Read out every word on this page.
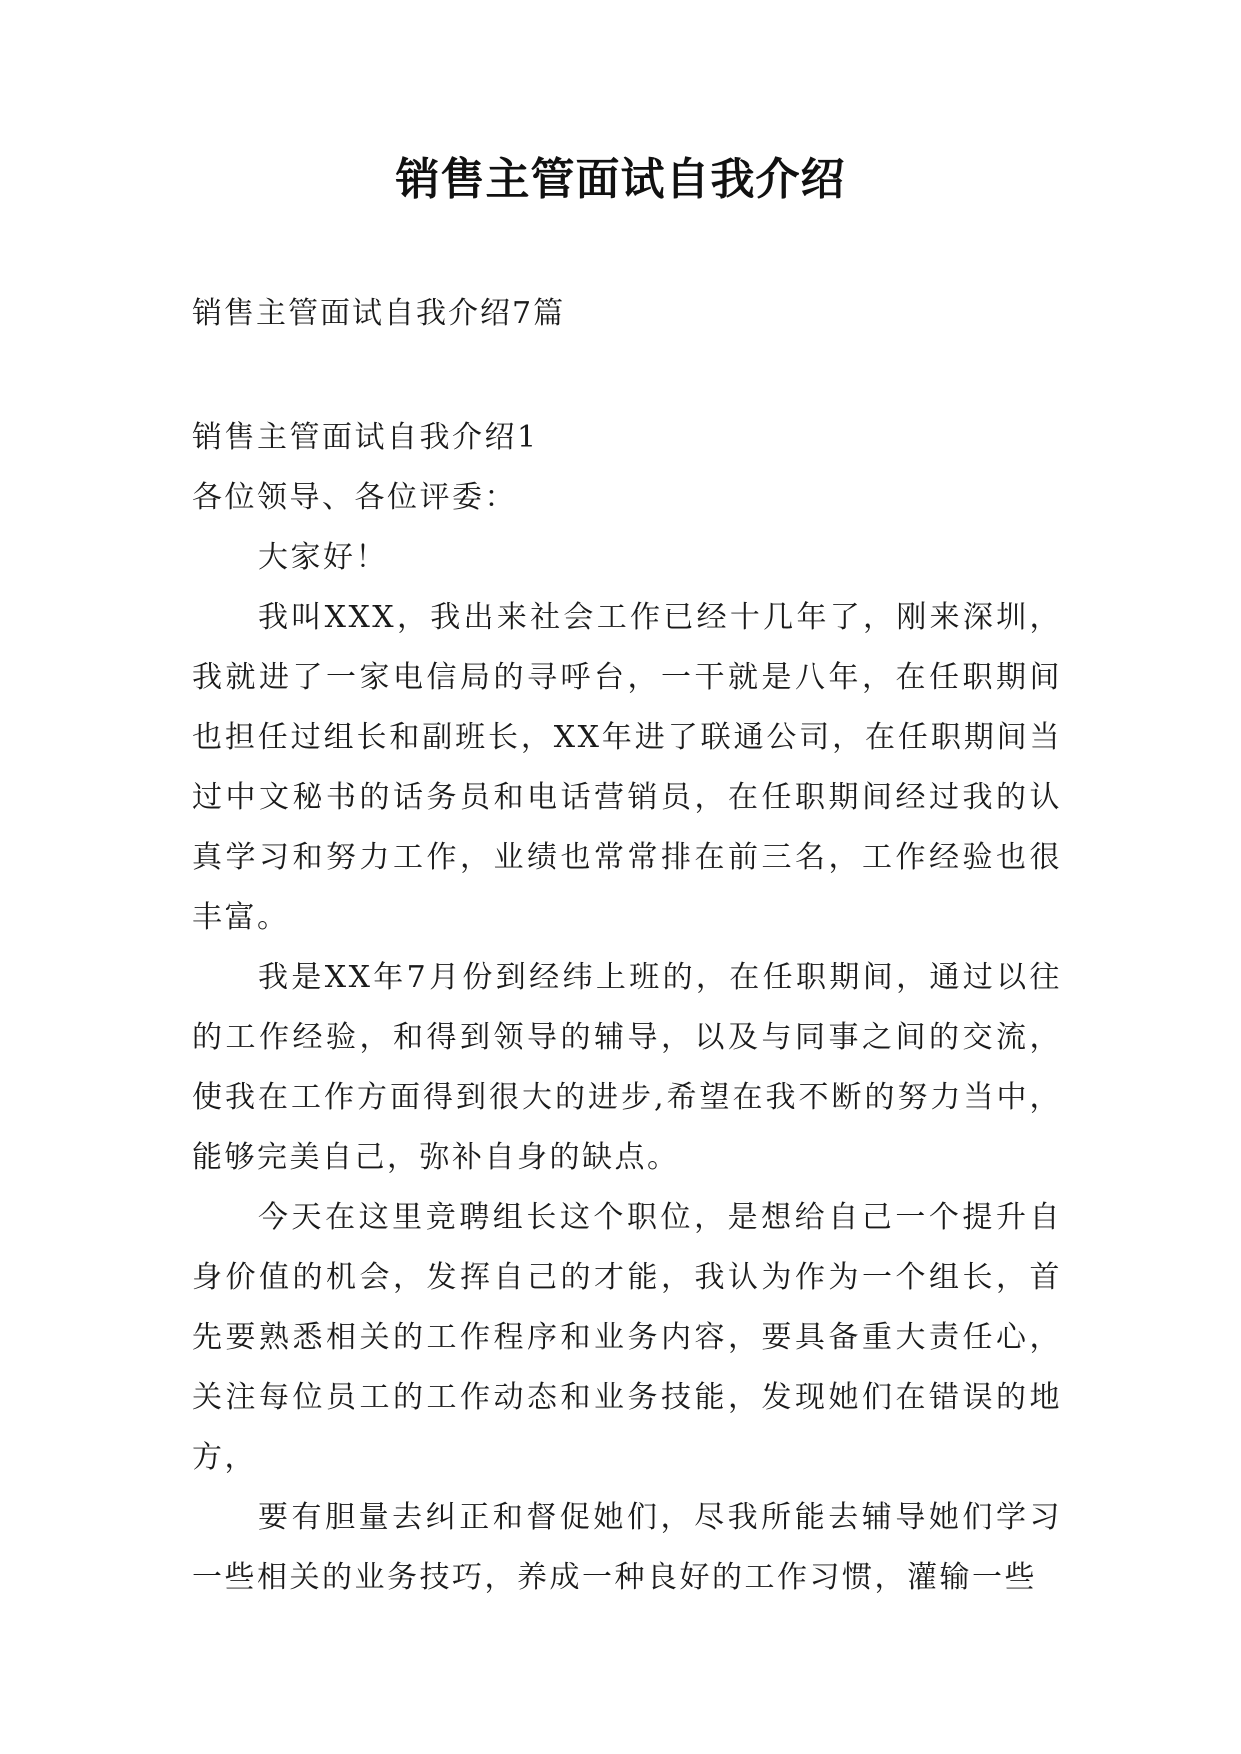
销售主管面试自我介绍
销售主管面试自我介绍7篇

销售主管面试自我介绍1

各位领导、各位评委：

大家好！

我叫XXX，我出来社会工作已经十几年了，刚来深圳，我就进了一家电信局的寻呼台，一干就是八年，在任职期间也担任过组长和副班长，XX年进了联通公司，在任职期间当过中文秘书的话务员和电话营销员，在任职期间经过我的认真学习和努力工作，业绩也常常排在前三名，工作经验也很丰富。

我是XX年7月份到经纬上班的，在任职期间，通过以往的工作经验，和得到领导的辅导，以及与同事之间的交流，使我在工作方面得到很大的进步,希望在我不断的努力当中，能够完美自己，弥补自身的缺点。

今天在这里竞聘组长这个职位，是想给自己一个提升自身价值的机会，发挥自己的才能，我认为作为一个组长，首先要熟悉相关的工作程序和业务内容，要具备重大责任心，关注每位员工的工作动态和业务技能，发现她们在错误的地方，

要有胆量去纠正和督促她们，尽我所能去辅导她们学习一些相关的业务技巧，养成一种良好的工作习惯，灌输一些
